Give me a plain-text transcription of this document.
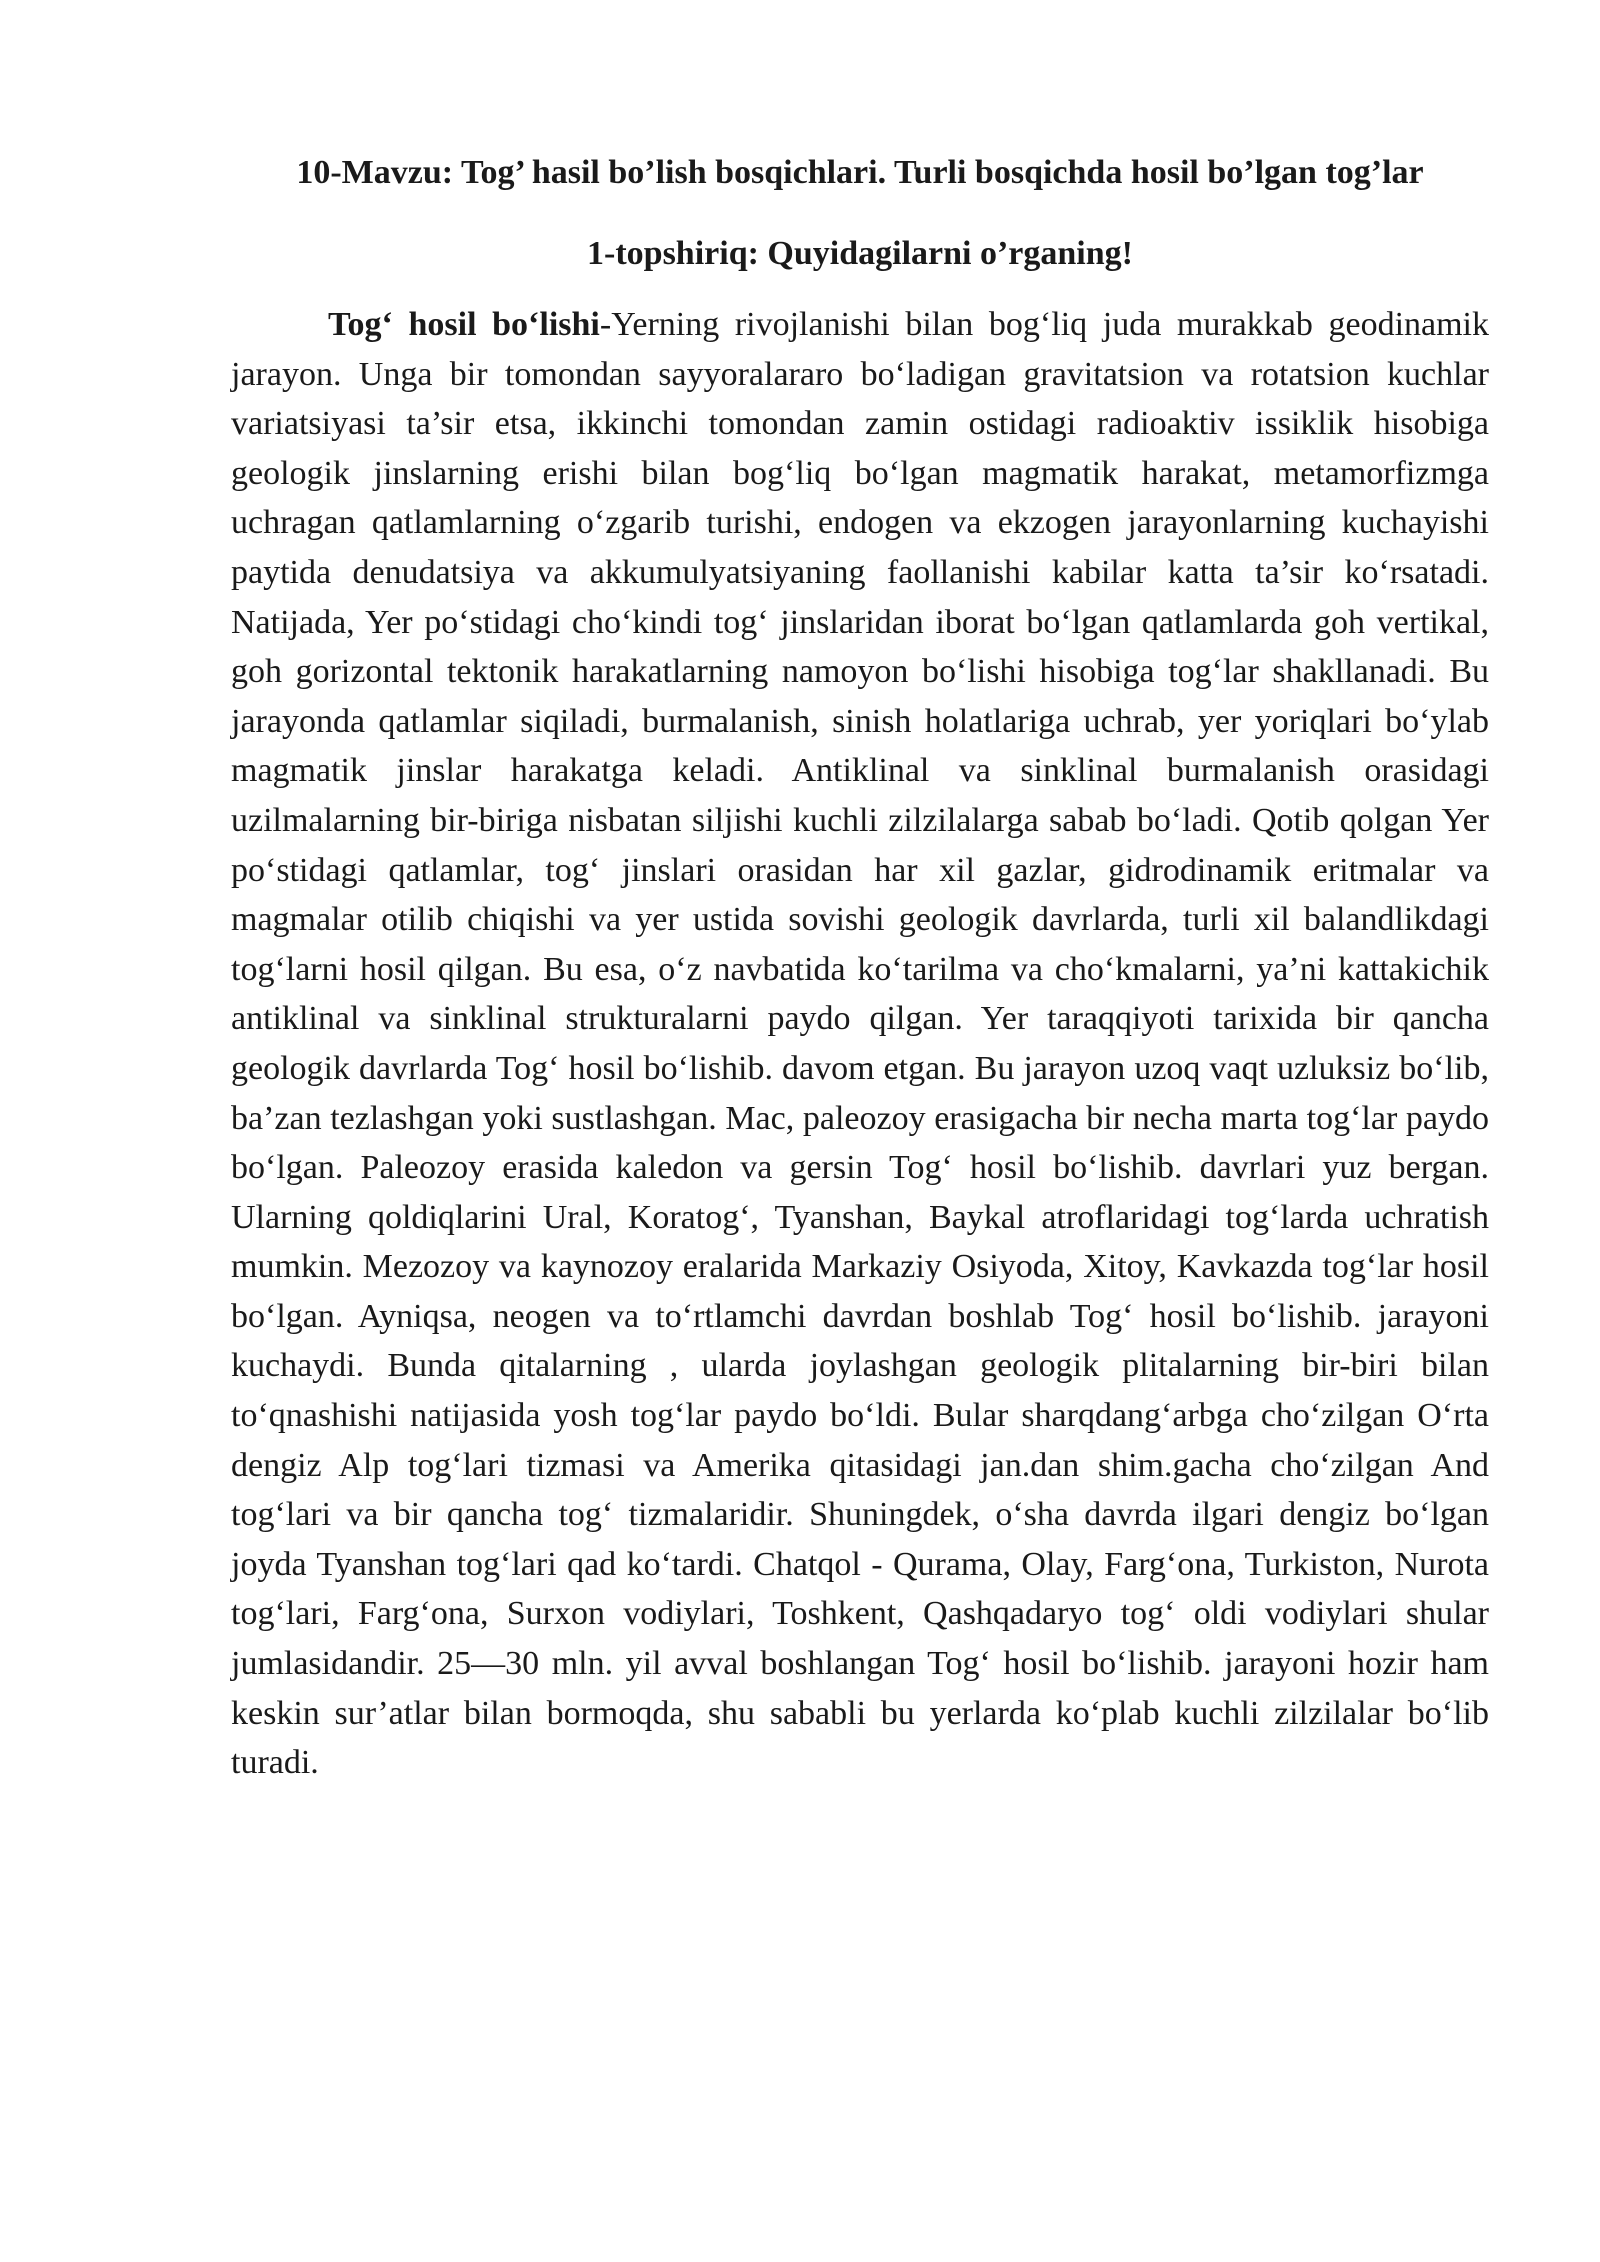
10-Mavzu: Tog’ hasil bo’lish bosqichlari. Turli bosqichda hosil bo’lgan tog’lar
1-topshiriq: Quyidagilarni o’rganing!

Tog‘ hosil bo‘lishi-Yerning rivojlanishi bilan bog‘liq juda murakkab geodinamik jarayon. Unga bir tomondan sayyoralararo bo‘ladigan gravitatsion va rotatsion kuchlar variatsiyasi ta’sir etsa, ikkinchi tomondan zamin ostidagi radioaktiv issiklik hisobiga geologik jinslarning erishi bilan bog‘liq bo‘lgan magmatik harakat, metamorfizmga uchragan qatlamlarning o‘zgarib turishi, endogen va ekzogen jarayonlarning kuchayishi paytida denudatsiya va akkumulyatsiyaning faollanishi kabilar katta ta’sir ko‘rsatadi. Natijada, Yer po‘stidagi cho‘kindi tog‘ jinslaridan iborat bo‘lgan qatlamlarda goh vertikal, goh gorizontal tektonik harakatlarning namoyon bo‘lishi hisobiga tog‘lar shakllanadi. Bu jarayonda qatlamlar siqiladi, burmalanish, sinish holatlariga uchrab, yer yoriqlari bo‘ylab magmatik jinslar harakatga keladi. Antiklinal va sinklinal burmalanish orasidagi uzilmalarning bir-biriga nisbatan siljishi kuchli zilzilalarga sabab bo‘ladi. Qotib qolgan Yer po‘stidagi qatlamlar, tog‘ jinslari orasidan har xil gazlar, gidrodinamik eritmalar va magmalar otilib chiqishi va yer ustida sovishi geologik davrlarda, turli xil balandlikdagi tog‘larni hosil qilgan. Bu esa, o‘z navbatida ko‘tarilma va cho‘kmalarni, ya’ni kattakichik antiklinal va sinklinal strukturalarni paydo qilgan. Yer taraqqiyoti tarixida bir qancha geologik davrlarda Tog‘ hosil bo‘lishib. davom etgan. Bu jarayon uzoq vaqt uzluksiz bo‘lib, ba’zan tezlashgan yoki sustlashgan. Mac, paleozoy erasigacha bir necha marta tog‘lar paydo bo‘lgan. Paleozoy erasida kaledon va gersin Tog‘ hosil bo‘lishib. davrlari yuz bergan. Ularning qoldiqlarini Ural, Koratog‘, Tyanshan, Baykal atroflaridagi tog‘larda uchratish mumkin. Mezozoy va kaynozoy eralarida Markaziy Osiyoda, Xitoy, Kavkazda tog‘lar hosil bo‘lgan. Ayniqsa, neogen va to‘rtlamchi davrdan boshlab Tog‘ hosil bo‘lishib. jarayoni kuchaydi. Bunda qitalarning , ularda joylashgan geologik plitalarning bir-biri bilan to‘qnashishi natijasida yosh tog‘lar paydo bo‘ldi. Bular sharqdang‘arbga cho‘zilgan O‘rta dengiz Alp tog‘lari tizmasi va Amerika qitasidagi jan.dan shim.gacha cho‘zilgan And tog‘lari va bir qancha tog‘ tizmalaridir. Shuningdek, o‘sha davrda ilgari dengiz bo‘lgan joyda Tyanshan tog‘lari qad ko‘tardi. Chatqol - Qurama, Olay, Farg‘ona, Turkiston, Nurota tog‘lari, Farg‘ona, Surxon vodiylari, Toshkent, Qashqadaryo tog‘ oldi vodiylari shular jumlasidandir. 25—30 mln. yil avval boshlangan Tog‘ hosil bo‘lishib. jarayoni hozir ham keskin sur’atlar bilan bormoqda, shu sababli bu yerlarda ko‘plab kuchli zilzilalar bo‘lib turadi.
